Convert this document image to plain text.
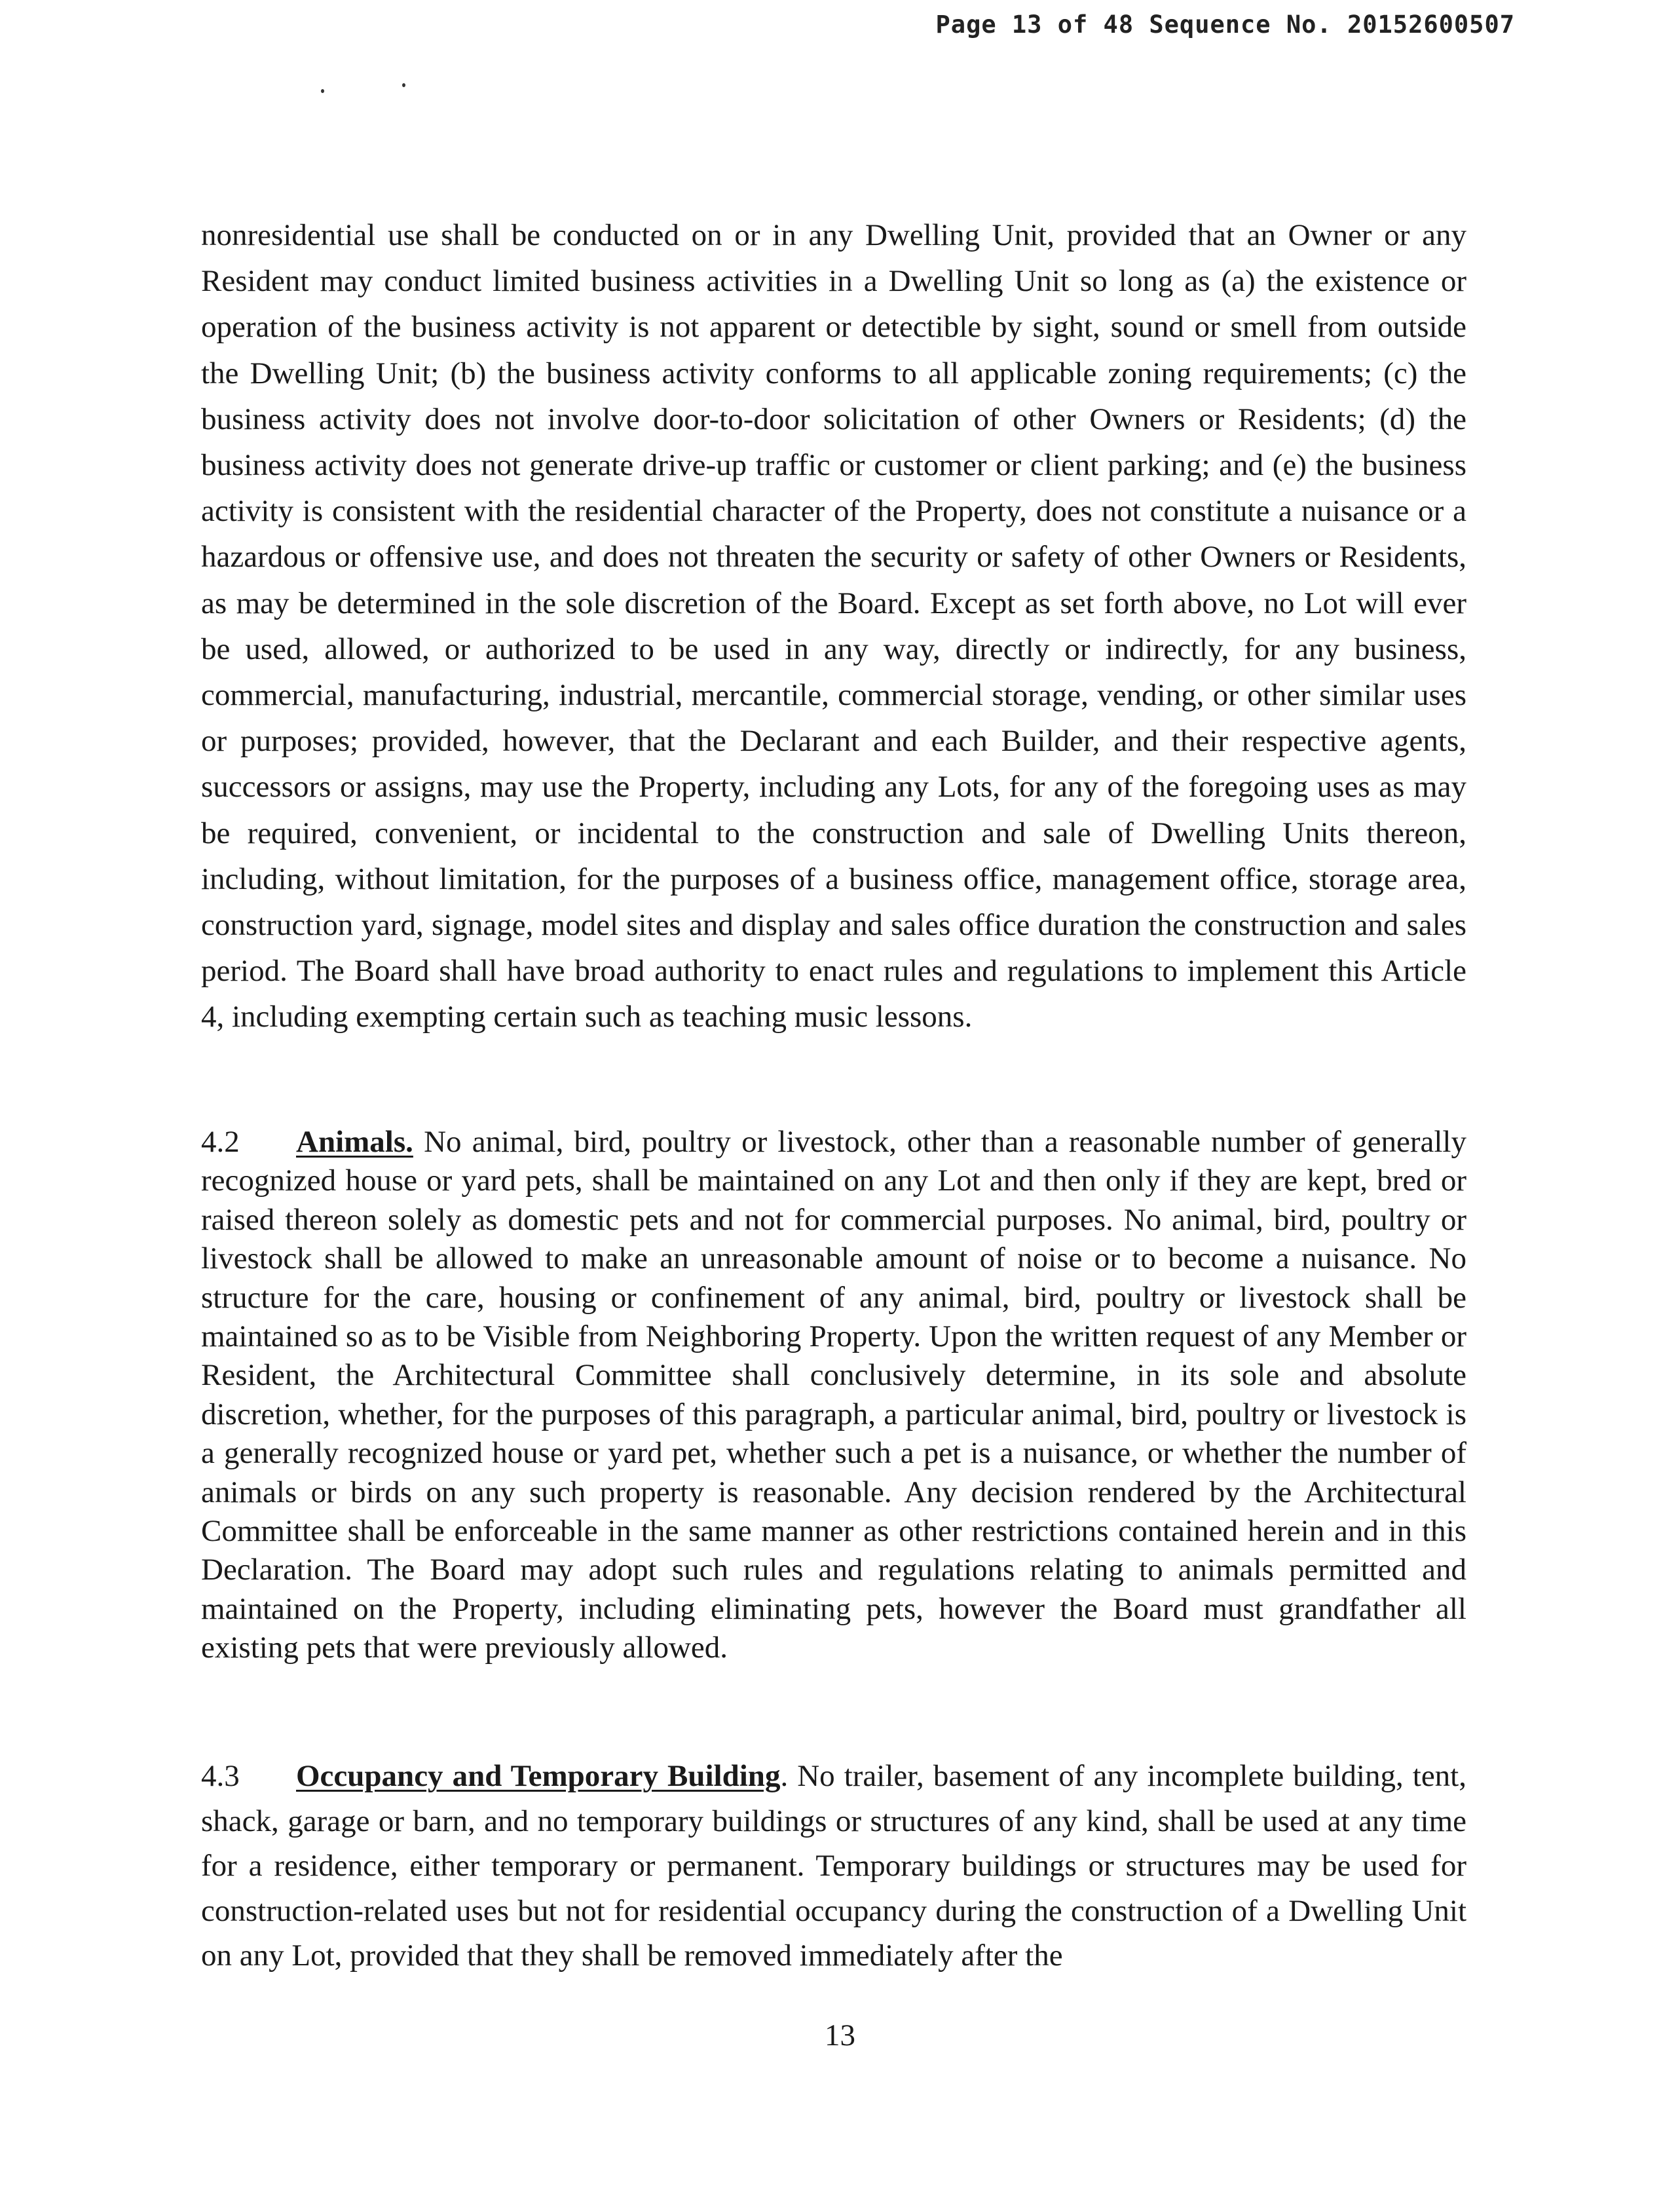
Page 13 of 48 Sequence No. 20152600507

nonresidential use shall be conducted on or in any Dwelling Unit, provided that an Owner or any Resident may conduct limited business activities in a Dwelling Unit so long as (a) the existence or operation of the business activity is not apparent or detectible by sight, sound or smell from outside the Dwelling Unit; (b) the business activity conforms to all applicable zoning requirements; (c) the business activity does not involve door-to-door solicitation of other Owners or Residents; (d) the business activity does not generate drive-up traffic or customer or client parking; and (e) the business activity is consistent with the residential character of the Property, does not constitute a nuisance or a hazardous or offensive use, and does not threaten the security or safety of other Owners or Residents, as may be determined in the sole discretion of the Board. Except as set forth above, no Lot will ever be used, allowed, or authorized to be used in any way, directly or indirectly, for any business, commercial, manufacturing, industrial, mercantile, commercial storage, vending, or other similar uses or purposes; provided, however, that the Declarant and each Builder, and their respective agents, successors or assigns, may use the Property, including any Lots, for any of the foregoing uses as may be required, convenient, or incidental to the construction and sale of Dwelling Units thereon, including, without limitation, for the purposes of a business office, management office, storage area, construction yard, signage, model sites and display and sales office duration the construction and sales period. The Board shall have broad authority to enact rules and regulations to implement this Article 4, including exempting certain such as teaching music lessons.

4.2 Animals. No animal, bird, poultry or livestock, other than a reasonable number of generally recognized house or yard pets, shall be maintained on any Lot and then only if they are kept, bred or raised thereon solely as domestic pets and not for commercial purposes. No animal, bird, poultry or livestock shall be allowed to make an unreasonable amount of noise or to become a nuisance. No structure for the care, housing or confinement of any animal, bird, poultry or livestock shall be maintained so as to be Visible from Neighboring Property. Upon the written request of any Member or Resident, the Architectural Committee shall conclusively determine, in its sole and absolute discretion, whether, for the purposes of this paragraph, a particular animal, bird, poultry or livestock is a generally recognized house or yard pet, whether such a pet is a nuisance, or whether the number of animals or birds on any such property is reasonable. Any decision rendered by the Architectural Committee shall be enforceable in the same manner as other restrictions contained herein and in this Declaration. The Board may adopt such rules and regulations relating to animals permitted and maintained on the Property, including eliminating pets, however the Board must grandfather all existing pets that were previously allowed.

4.3 Occupancy and Temporary Building. No trailer, basement of any incomplete building, tent, shack, garage or barn, and no temporary buildings or structures of any kind, shall be used at any time for a residence, either temporary or permanent. Temporary buildings or structures may be used for construction-related uses but not for residential occupancy during the construction of a Dwelling Unit on any Lot, provided that they shall be removed immediately after the

13
